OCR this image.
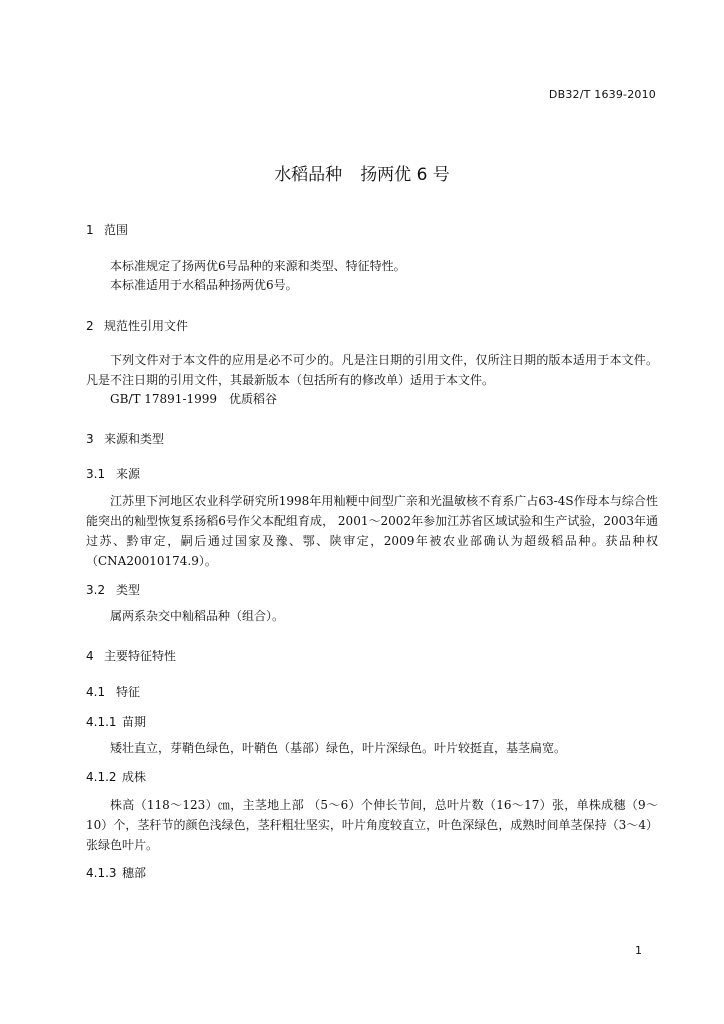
DB32/T 1639-2010
水稻品种 扬两优 6 号
1 范围
本标准规定了扬两优6号品种的来源和类型、特征特性。
本标准适用于水稻品种扬两优6号。
2 规范性引用文件
下列文件对于本文件的应用是必不可少的。凡是注日期的引用文件，仅所注日期的版本适用于本文件。凡是不注日期的引用文件，其最新版本（包括所有的修改单）适用于本文件。
GB/T 17891-1999　优质稻谷
3 来源和类型
3.1 来源
江苏里下河地区农业科学研究所1998年用籼粳中间型广亲和光温敏核不育系广占63-4S作母本与综合性能突出的籼型恢复系扬稻6号作父本配组育成， 2001～2002年参加江苏省区域试验和生产试验，2003年通过苏、黔审定，嗣后通过国家及豫、鄂、陕审定，2009年被农业部确认为超级稻品种。获品种权（CNA20010174.9）。
3.2 类型
属两系杂交中籼稻品种（组合）。
4 主要特征特性
4.1 特征
4.1.1 苗期
矮壮直立，芽鞘色绿色，叶鞘色（基部）绿色，叶片深绿色。叶片较挺直，基茎扁宽。
4.1.2 成株
株高（118～123）㎝，主茎地上部 （5～6）个伸长节间，总叶片数（16～17）张，单株成穗（9～10）个，茎秆节的颜色浅绿色，茎秆粗壮坚实，叶片角度较直立，叶色深绿色，成熟时间单茎保持（3～4）张绿色叶片。
4.1.3 穗部
1
